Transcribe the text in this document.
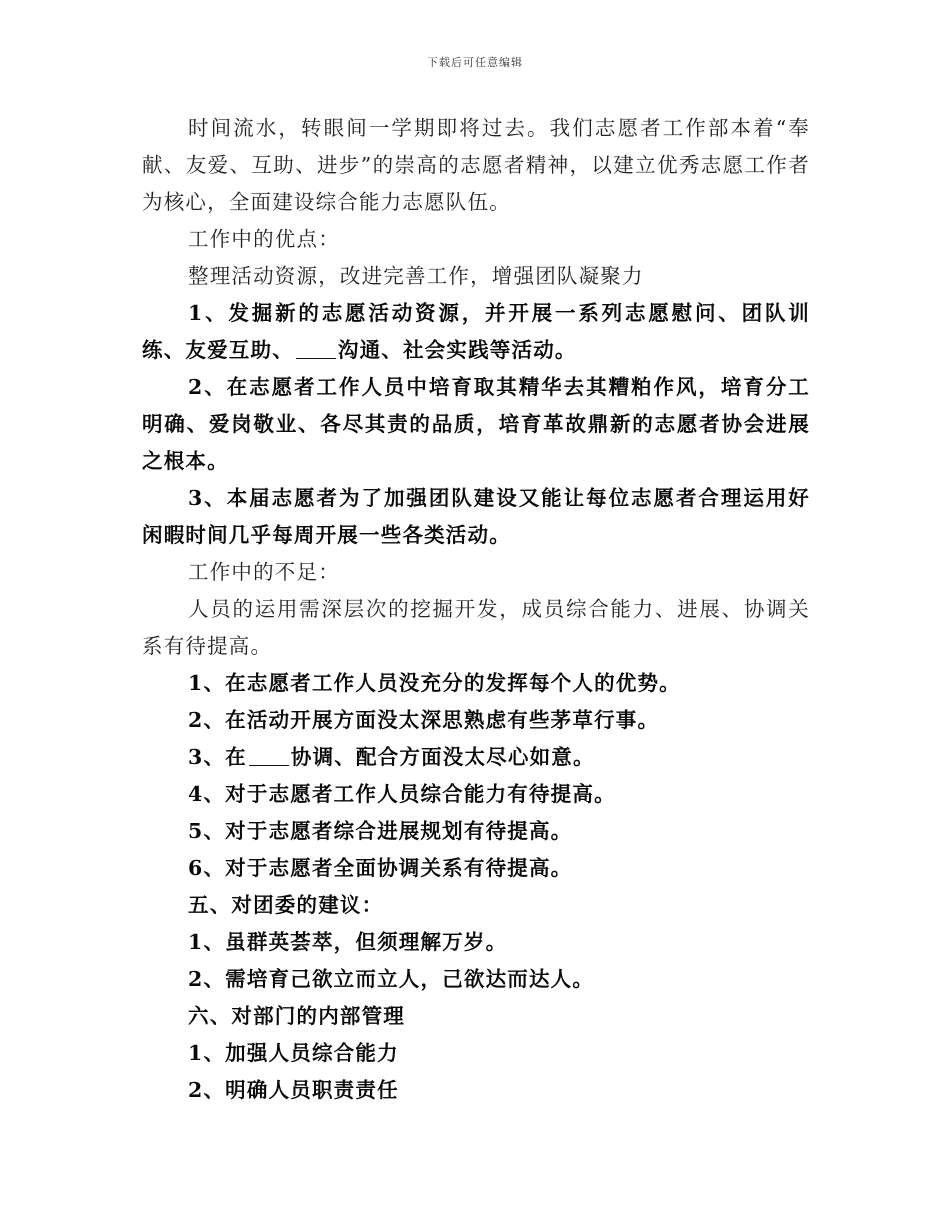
下载后可任意编辑

时间流水，转眼间一学期即将过去。我们志愿者工作部本着“奉献、友爱、互助、进步”的崇高的志愿者精神，以建立优秀志愿工作者为核心，全面建设综合能力志愿队伍。

工作中的优点：

整理活动资源，改进完善工作，增强团队凝聚力

1、发掘新的志愿活动资源，并开展一系列志愿慰问、团队训练、友爱互助、 沟通、社会实践等活动。

2、在志愿者工作人员中培育取其精华去其糟粕作风，培育分工明确、爱岗敬业、各尽其责的品质，培育革故鼎新的志愿者协会进展之根本。

3、本届志愿者为了加强团队建设又能让每位志愿者合理运用好闲暇时间几乎每周开展一些各类活动。

工作中的不足：

人员的运用需深层次的挖掘开发，成员综合能力、进展、协调关系有待提高。

1、在志愿者工作人员没充分的发挥每个人的优势。

2、在活动开展方面没太深思熟虑有些茅草行事。

3、在 协调、配合方面没太尽心如意。

4、对于志愿者工作人员综合能力有待提高。

5、对于志愿者综合进展规划有待提高。

6、对于志愿者全面协调关系有待提高。

五、对团委的建议：

1、虽群英荟萃，但须理解万岁。

2、需培育己欲立而立人，己欲达而达人。

六、对部门的内部管理

1、加强人员综合能力

2、明确人员职责责任
